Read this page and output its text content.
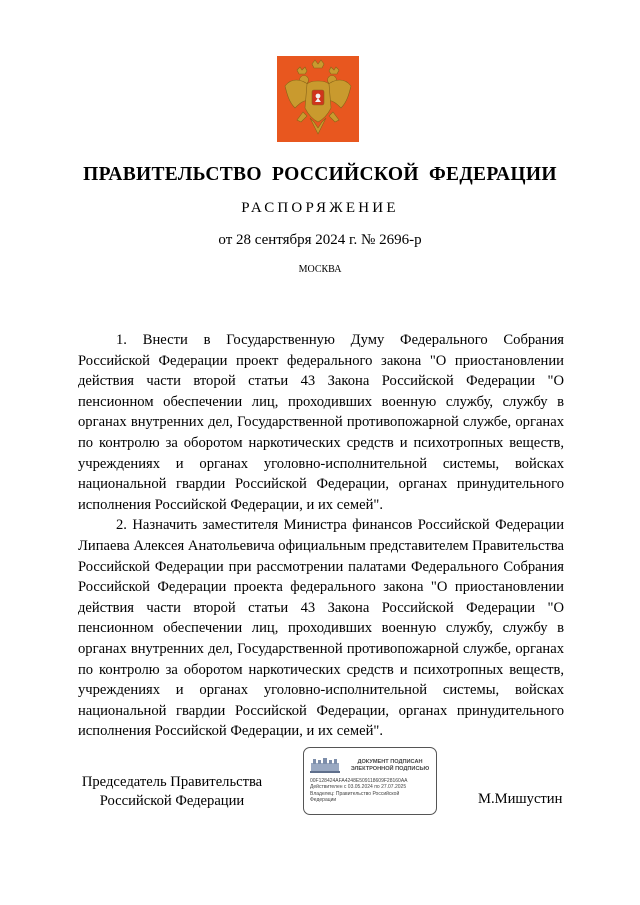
ПРАВИТЕЛЬСТВО РОССИЙСКОЙ ФЕДЕРАЦИИ
РАСПОРЯЖЕНИЕ
от 28 сентября 2024 г. № 2696-р
МОСКВА

1. Внести в Государственную Думу Федерального Собрания Российской Федерации проект федерального закона "О приостановлении действия части второй статьи 43 Закона Российской Федерации "О пенсионном обеспечении лиц, проходивших военную службу, службу в органах внутренних дел, Государственной противопожарной службе, органах по контролю за оборотом наркотических средств и психотропных веществ, учреждениях и органах уголовно-исполнительной системы, войсках национальной гвардии Российской Федерации, органах принудительного исполнения Российской Федерации, и их семей".

2. Назначить заместителя Министра финансов Российской Федерации Липаева Алексея Анатольевича официальным представителем Правительства Российской Федерации при рассмотрении палатами Федерального Собрания Российской Федерации проекта федерального закона "О приостановлении действия части второй статьи 43 Закона Российской Федерации "О пенсионном обеспечении лиц, проходивших военную службу, службу в органах внутренних дел, Государственной противопожарной службе, органах по контролю за оборотом наркотических средств и психотропных веществ, учреждениях и органах уголовно-исполнительной системы, войсках национальной гвардии Российской Федерации, органах принудительного исполнения Российской Федерации, и их семей".

Председатель Правительства
Российской Федерации
ДОКУМЕНТ ПОДПИСАН
ЭЛЕКТРОННОЙ ПОДПИСЬЮ
00F128424AFA4248E509118609F28160AA
Действителен с 03.05.2024 по 27.07.2025
Владелец: Правительство Российской
Федерации	М.Мишустин
